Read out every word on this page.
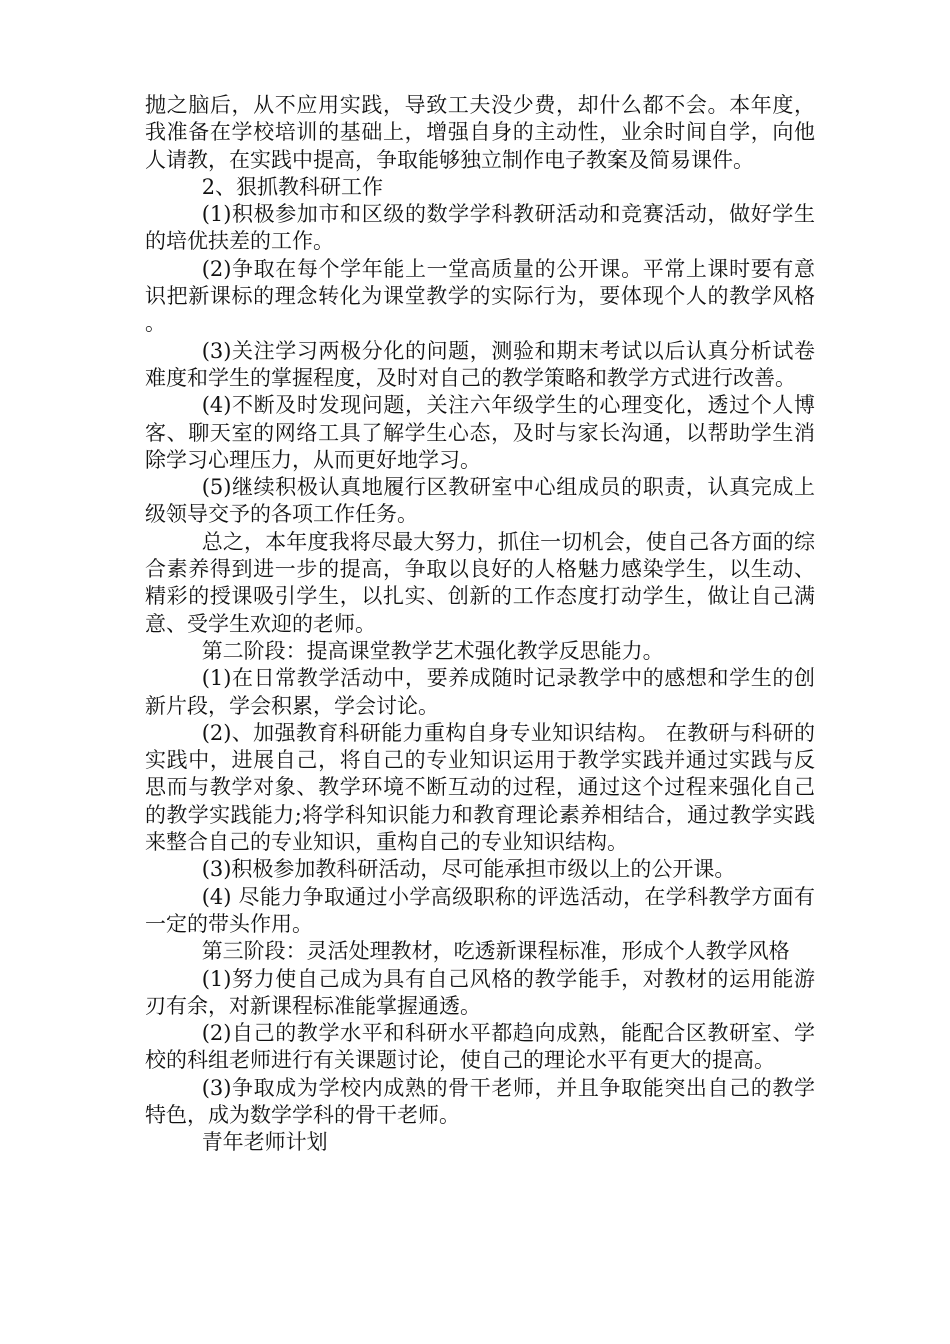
抛之脑后，从不应用实践，导致工夫没少费，却什么都不会。本年度，我准备在学校培训的基础上，增强自身的主动性，业余时间自学，向他人请教，在实践中提高，争取能够独立制作电子教案及简易课件。

2、狠抓教科研工作

(1)积极参加市和区级的数学学科教研活动和竞赛活动，做好学生的培优扶差的工作。

(2)争取在每个学年能上一堂高质量的公开课。平常上课时要有意识把新课标的理念转化为课堂教学的实际行为，要体现个人的教学风格。

(3)关注学习两极分化的问题，测验和期末考试以后认真分析试卷难度和学生的掌握程度，及时对自己的教学策略和教学方式进行改善。

(4)不断及时发现问题，关注六年级学生的心理变化，透过个人博客、聊天室的网络工具了解学生心态，及时与家长沟通，以帮助学生消除学习心理压力，从而更好地学习。

(5)继续积极认真地履行区教研室中心组成员的职责，认真完成上级领导交予的各项工作任务。

总之，本年度我将尽最大努力，抓住一切机会，使自己各方面的综合素养得到进一步的提高，争取以良好的人格魅力感染学生，以生动、精彩的授课吸引学生，以扎实、创新的工作态度打动学生，做让自己满意、受学生欢迎的老师。

第二阶段：提高课堂教学艺术强化教学反思能力。

(1)在日常教学活动中，要养成随时记录教学中的感想和学生的创新片段，学会积累，学会讨论。

(2)、加强教育科研能力重构自身专业知识结构。 在教研与科研的实践中，进展自己，将自己的专业知识运用于教学实践并通过实践与反思而与教学对象、教学环境不断互动的过程，通过这个过程来强化自己的教学实践能力;将学科知识能力和教育理论素养相结合，通过教学实践来整合自己的专业知识，重构自己的专业知识结构。

(3)积极参加教科研活动，尽可能承担市级以上的公开课。

(4) 尽能力争取通过小学高级职称的评选活动，在学科教学方面有一定的带头作用。

第三阶段：灵活处理教材，吃透新课程标准，形成个人教学风格

(1)努力使自己成为具有自己风格的教学能手，对教材的运用能游刃有余，对新课程标准能掌握通透。

(2)自己的教学水平和科研水平都趋向成熟，能配合区教研室、学校的科组老师进行有关课题讨论，使自己的理论水平有更大的提高。

(3)争取成为学校内成熟的骨干老师，并且争取能突出自己的教学特色，成为数学学科的骨干老师。

青年老师计划
